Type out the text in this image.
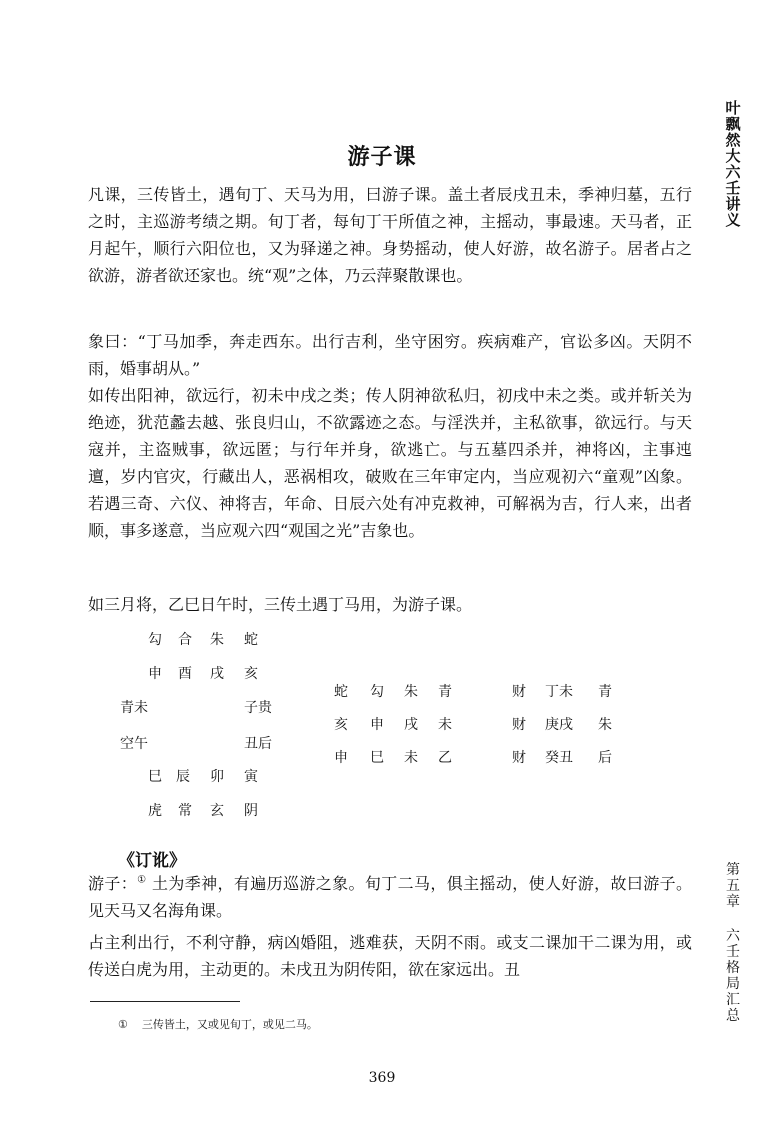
游子课

凡课，三传皆土，遇旬丁、天马为用，曰游子课。盖土者辰戌丑未，季神归墓，五行之时，主巡游考绩之期。旬丁者，每旬丁干所值之神，主摇动，事最速。天马者，正月起午，顺行六阳位也，又为驿递之神。身势摇动，使人好游，故名游子。居者占之欲游，游者欲还家也。统“观”之体，乃云萍聚散课也。

象曰：“丁马加季，奔走西东。出行吉利，坐守困穷。疾病难产，官讼多凶。天阴不雨，婚事胡从。”

如传出阳神，欲远行，初未中戌之类；传人阴神欲私归，初戌中未之类。或并斩关为绝迹，犹范蠡去越、张良归山，不欲露迹之态。与淫泆并，主私欲事，欲远行。与天寇并，主盗贼事，欲远匿；与行年并身，欲逃亡。与五墓四杀并，神将凶，主事迍邅，岁内官灾，行藏出人，恶祸相攻，破败在三年审定内，当应观初六“童观”凶象。若遇三奇、六仪、神将吉，年命、日辰六处有冲克救神，可解祸为吉，行人来，出者顺，事多遂意，当应观六四“观国之光”吉象也。

如三月将，乙巳日午时，三传土遇丁马用，为游子课。

勾 合 朱 蛇
申 酉 戌 亥
青未	子贵
空午	丑后
巳 辰 卯 寅
虎 常 玄 阴
蛇 勾 朱 青
亥 申 戌 未
申 巳 未 乙
财 丁未 青
财 庚戌 朱
财 癸丑 后
《订讹》

游子：① 土为季神，有遍历巡游之象。旬丁二马，俱主摇动，使人好游，故曰游子。见天马又名海角课。

占主利出行，不利守静，病凶婚阻，逃难获，天阴不雨。或支二课加干二课为用，或传送白虎为用，主动更的。未戌丑为阴传阳，欲在家远出。丑

① 三传皆土，又或见旬丁，或见二马。
369
叶飘然大六壬讲义
第五章
六壬格局汇总
